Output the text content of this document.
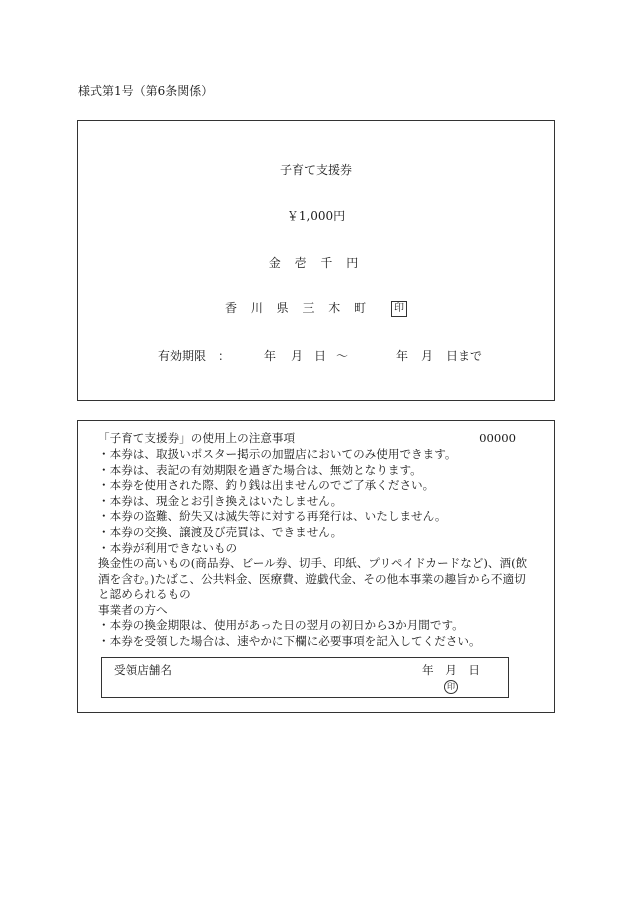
様式第1号（第6条関係）
子育て支援券
￥1,000円
金 壱 千 円
香 川 県 三 木 町 印
有効期限　：	年 月 日 ～	年 月 日まで
「子育て支援券」の使用上の注意事項	00000
・本券は、取扱いポスター掲示の加盟店においてのみ使用できます。
・本券は、表記の有効期限を過ぎた場合は、無効となります。
・本券を使用された際、釣り銭は出ませんのでご了承ください。
・本券は、現金とお引き換えはいたしません。
・本券の盗難、紛失又は滅失等に対する再発行は、いたしません。
・本券の交換、譲渡及び売買は、できません。
・本券が利用できないもの
換金性の高いもの(商品券、ビール券、切手、印紙、プリペイドカードなど)、酒(飲
酒を含む。)たばこ、公共料金、医療費、遊戯代金、その他本事業の趣旨から不適切
と認められるもの
事業者の方へ
・本券の換金期限は、使用があった日の翌月の初日から3か月間です。
・本券を受領した場合は、速やかに下欄に必要事項を記入してください。
受領店舗名	年　月　日
印
